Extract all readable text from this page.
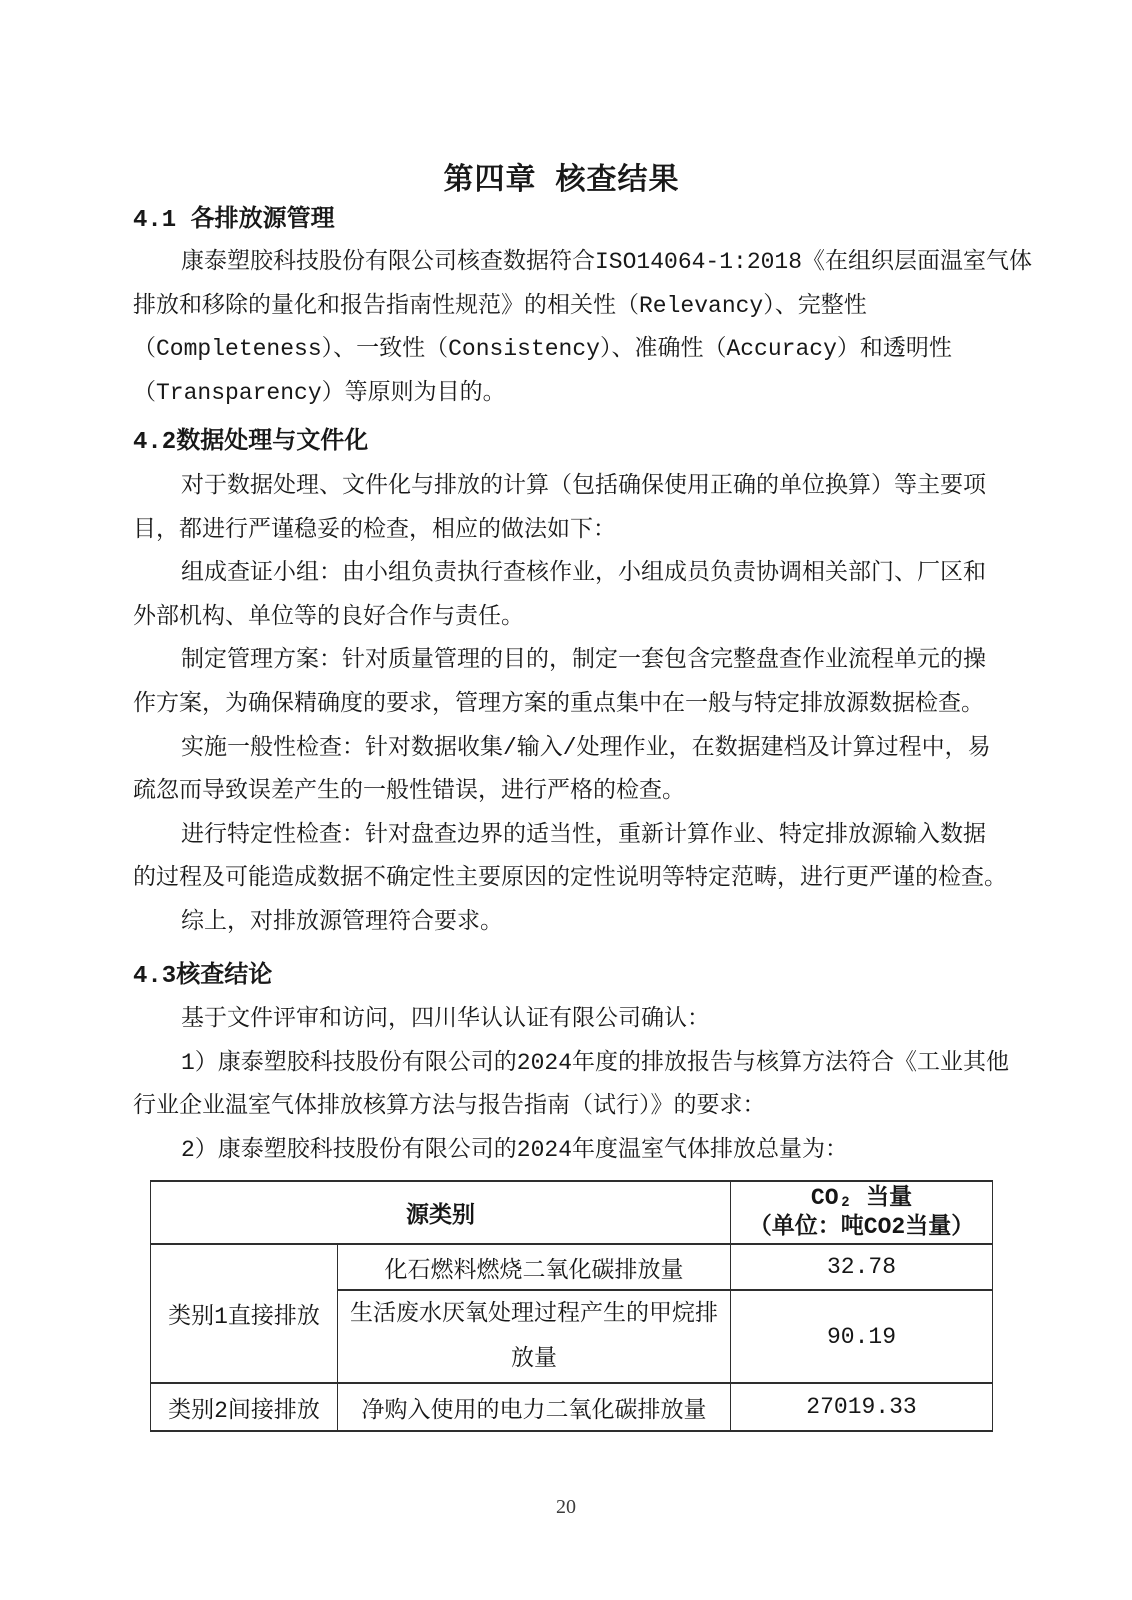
第四章 核查结果
4.1 各排放源管理
康泰塑胶科技股份有限公司核查数据符合ISO14064-1:2018《在组织层面温室气体
排放和移除的量化和报告指南性规范》的相关性（Relevancy）、完整性
（Completeness）、一致性（Consistency）、准确性（Accuracy）和透明性
（Transparency）等原则为目的。
4.2数据处理与文件化
对于数据处理、文件化与排放的计算（包括确保使用正确的单位换算）等主要项
目，都进行严谨稳妥的检查，相应的做法如下：
组成查证小组：由小组负责执行查核作业，小组成员负责协调相关部门、厂区和
外部机构、单位等的良好合作与责任。
制定管理方案：针对质量管理的目的，制定一套包含完整盘查作业流程单元的操
作方案，为确保精确度的要求，管理方案的重点集中在一般与特定排放源数据检查。
实施一般性检查：针对数据收集/输入/处理作业，在数据建档及计算过程中，易
疏忽而导致误差产生的一般性错误，进行严格的检查。
进行特定性检查：针对盘查边界的适当性，重新计算作业、特定排放源输入数据
的过程及可能造成数据不确定性主要原因的定性说明等特定范畴，进行更严谨的检查。
综上，对排放源管理符合要求。
4.3核查结论
基于文件评审和访问，四川华认认证有限公司确认：
1）康泰塑胶科技股份有限公司的2024年度的排放报告与核算方法符合《工业其他
行业企业温室气体排放核算方法与报告指南（试行）》的要求：
2）康泰塑胶科技股份有限公司的2024年度温室气体排放总量为：
源类别		CO₂ 当量
（单位：吨CO2当量）

类别1直接排放	化石燃料燃烧二氧化碳排放量	32.78

	生活废水厌氧处理过程产生的甲烷排
放量	90.19
类别2间接排放	净购入使用的电力二氧化碳排放量	27019.33
20
